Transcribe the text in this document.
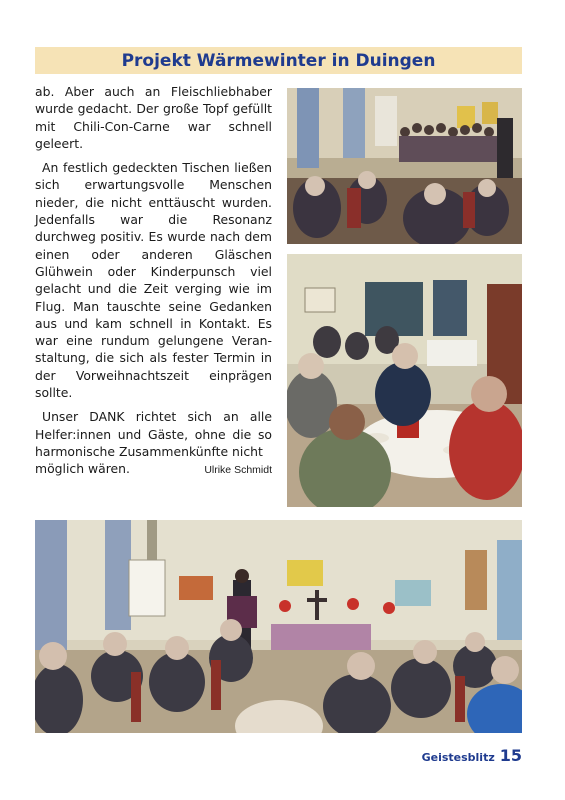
Projekt Wärmewinter in Duingen

ab. Aber auch an Fleischliebhaber wurde gedacht. Der große Topf gefüllt mit Chili-Con-Carne war schnell geleert.

An festlich gedeckten Tischen ließen sich erwartungsvolle Menschen nieder, die nicht enttäuscht wurden. Jedenfalls war die Resonanz durchweg positiv. Es wurde nach dem einen oder anderen Gläschen Glühwein oder Kinderpunsch viel gelacht und die Zeit verging wie im Flug. Man tauschte seine Gedanken aus und kam schnell in Kontakt. Es war eine rundum gelungene Veranstaltung, die sich als fester Termin in der Vorweihnachtszeit einprägen sollte.

Unser DANK richtet sich an alle Helfer:innen und Gäste, ohne die so harmonische Zusammenkünfte nicht

möglich wären.	Ulrike Schmidt
Geistesblitz 15
